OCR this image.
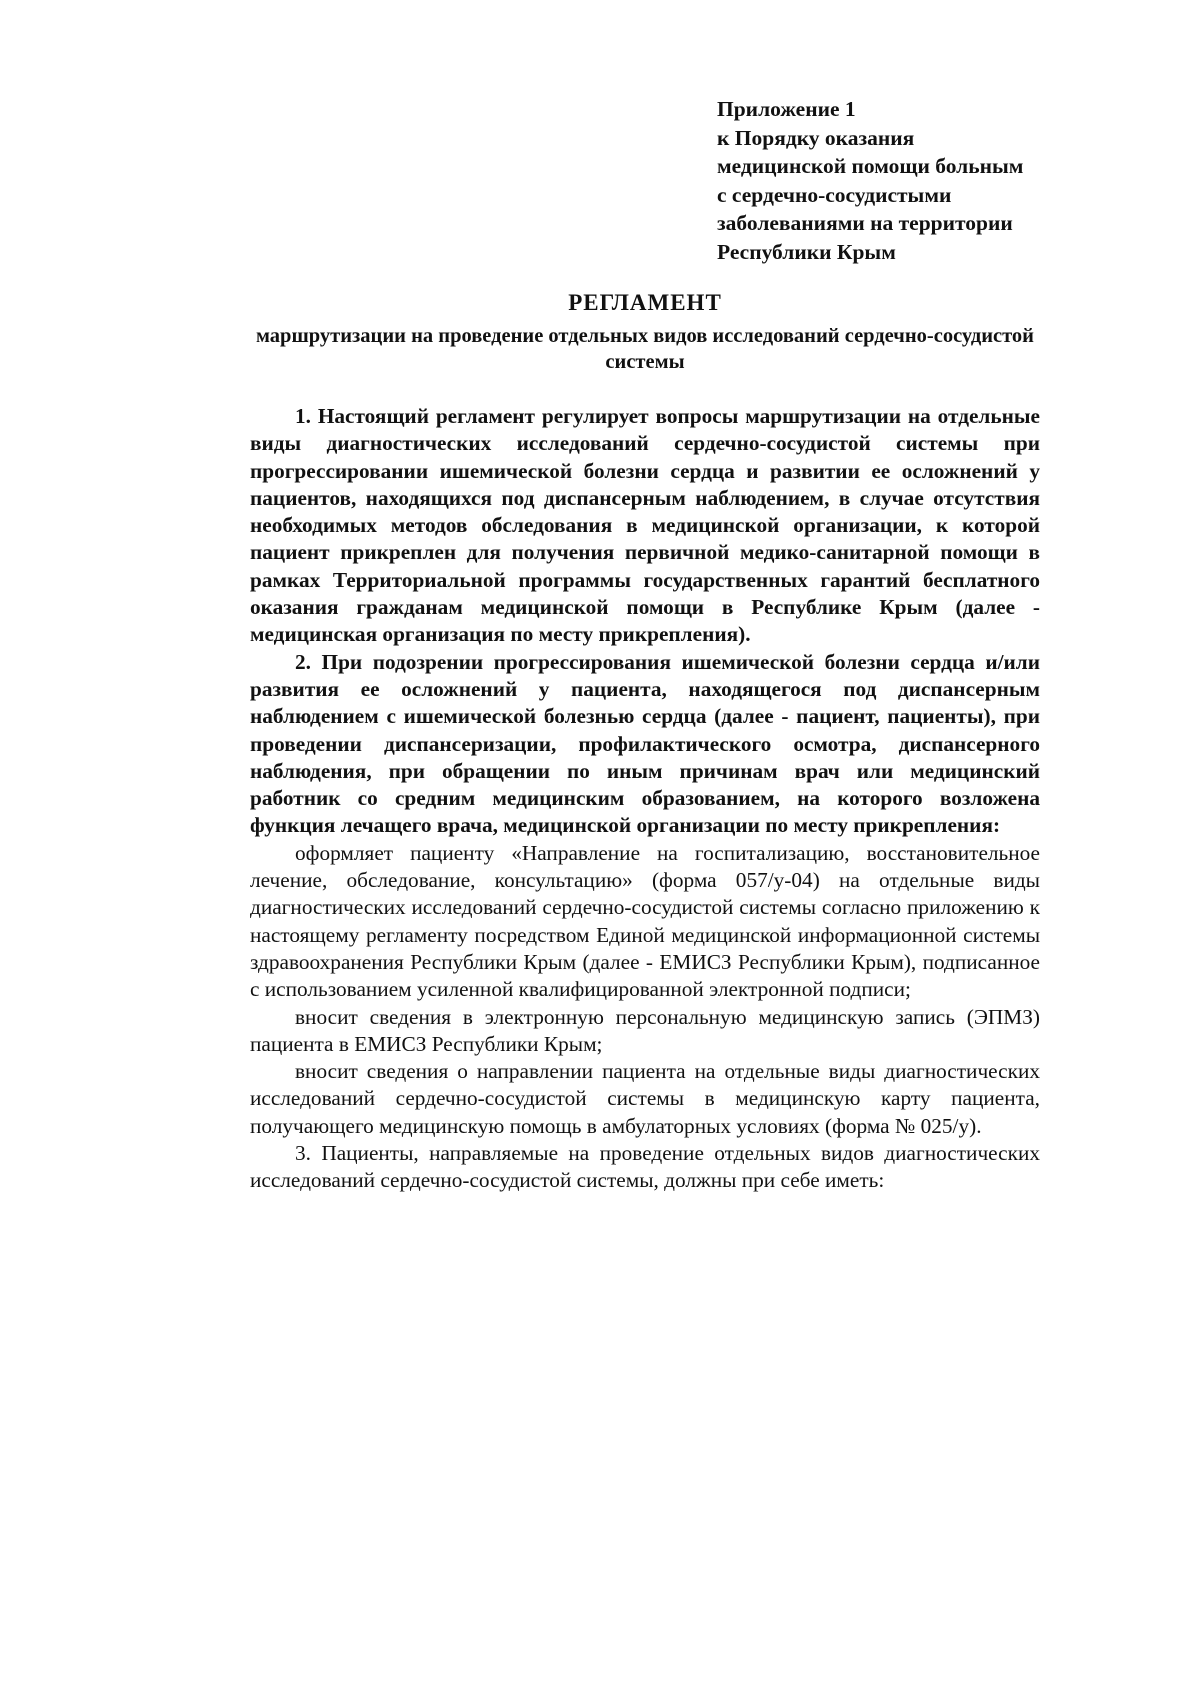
Приложение 1
к Порядку оказания
медицинской помощи больным
с сердечно-сосудистыми
заболеваниями на территории
Республики Крым
РЕГЛАМЕНТ
маршрутизации на проведение отдельных видов исследований сердечно-сосудистой системы

1. Настоящий регламент регулирует вопросы маршрутизации на отдельные виды диагностических исследований сердечно-сосудистой системы при прогрессировании ишемической болезни сердца и развитии ее осложнений у пациентов, находящихся под диспансерным наблюдением, в случае отсутствия необходимых методов обследования в медицинской организации, к которой пациент прикреплен для получения первичной медико-санитарной помощи в рамках Территориальной программы государственных гарантий бесплатного оказания гражданам медицинской помощи в Республике Крым (далее - медицинская организация по месту прикрепления).

2. При подозрении прогрессирования ишемической болезни сердца и/или развития ее осложнений у пациента, находящегося под диспансерным наблюдением с ишемической болезнью сердца (далее - пациент, пациенты), при проведении диспансеризации, профилактического осмотра, диспансерного наблюдения, при обращении по иным причинам врач или медицинский работник со средним медицинским образованием, на которого возложена функция лечащего врача, медицинской организации по месту прикрепления:

оформляет пациенту «Направление на госпитализацию, восстановительное лечение, обследование, консультацию» (форма 057/у-04) на отдельные виды диагностических исследований сердечно-сосудистой системы согласно приложению к настоящему регламенту посредством Единой медицинской информационной системы здравоохранения Республики Крым (далее - ЕМИСЗ Республики Крым), подписанное с использованием усиленной квалифицированной электронной подписи;

вносит сведения в электронную персональную медицинскую запись (ЭПМЗ) пациента в ЕМИСЗ Республики Крым;

вносит сведения о направлении пациента на отдельные виды диагностических исследований сердечно-сосудистой системы в медицинскую карту пациента, получающего медицинскую помощь в амбулаторных условиях (форма № 025/у).

3. Пациенты, направляемые на проведение отдельных видов диагностических исследований сердечно-сосудистой системы, должны при себе иметь:
